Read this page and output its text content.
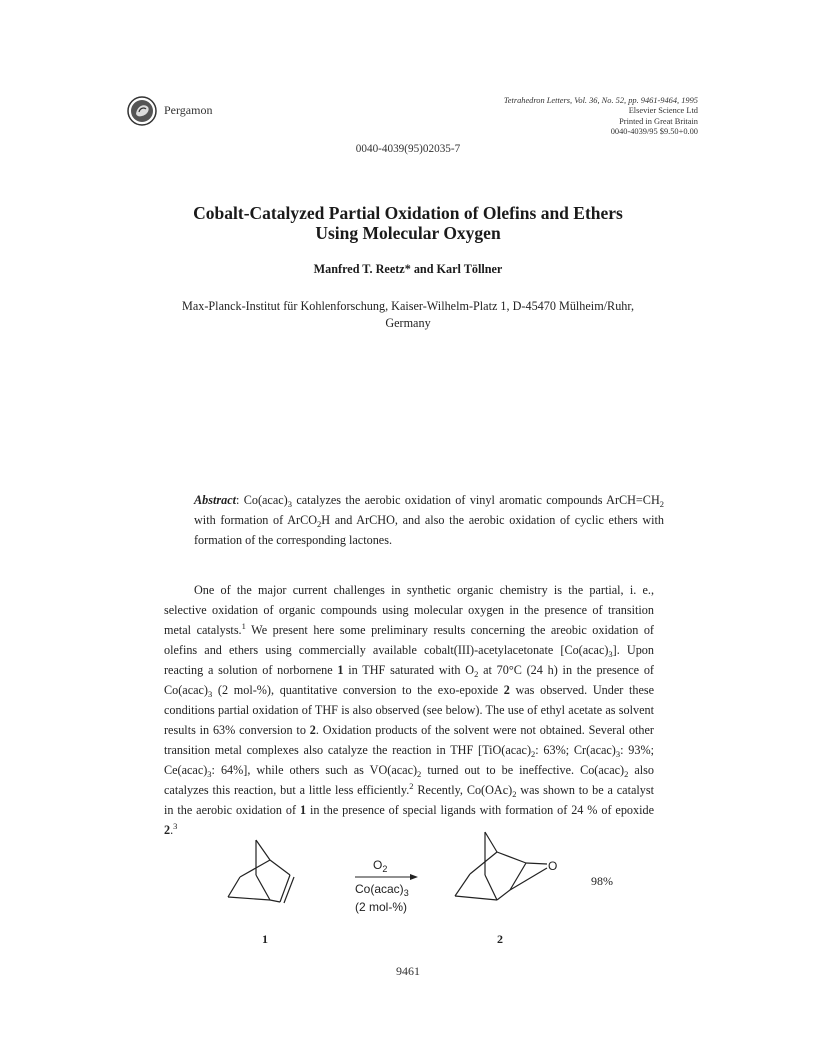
Pergamon
Tetrahedron Letters, Vol. 36, No. 52, pp. 9461-9464, 1995
Elsevier Science Ltd
Printed in Great Britain
0040-4039/95 $9.50+0.00
0040-4039(95)02035-7
Cobalt-Catalyzed Partial Oxidation of Olefins and Ethers
Using Molecular Oxygen
Manfred T. Reetz* and Karl Töllner
Max-Planck-Institut für Kohlenforschung, Kaiser-Wilhelm-Platz 1, D-45470 Mülheim/Ruhr,
Germany
Abstract: $Co(acac)_3$ catalyzes the aerobic oxidation of vinyl aromatic compounds $ArCH=CH_2$ with formation of ArCO$_2$H and ArCHO, and also the aerobic oxidation of cyclic ethers with formation of the corresponding lactones.

One of the major current challenges in synthetic organic chemistry is the partial, i. e., selective oxidation of organic compounds using molecular oxygen in the presence of transition metal catalysts.$^1$ We present here some preliminary results concerning the areobic oxidation of olefins and ethers using commercially available cobalt(III)-acetylacetonate $[Co(acac)_3]$. Upon reacting a solution of norbornene 1 in THF saturated with $O_2$ at 70°C (24 h) in the presence of $Co(acac)_3$ (2 mol-%), quantitative conversion to the exo-epoxide 2 was observed. Under these conditions partial oxidation of THF is also observed (see below). The use of ethyl acetate as solvent results in 63% conversion to 2. Oxidation products of the solvent were not obtained. Several other transition metal complexes also catalyze the reaction in THF [$TiO(acac)_2$: 63%; $Cr(acac)_3$: 93%; $Ce(acac)_3$: 64%], while others such as $VO(acac)_2$ turned out to be ineffective. $Co(acac)_2$ also catalyzes this reaction, but a little less efficiently.$^2$ Recently, $Co(OAc)_2$ was shown to be a catalyst in the aerobic oxidation of 1 in the presence of special ligands with formation of 24 % of epoxide 2.$^3$

$O_2$
$Co(acac)_3$
(2 mol-%)
O
98%
1	2
9461
